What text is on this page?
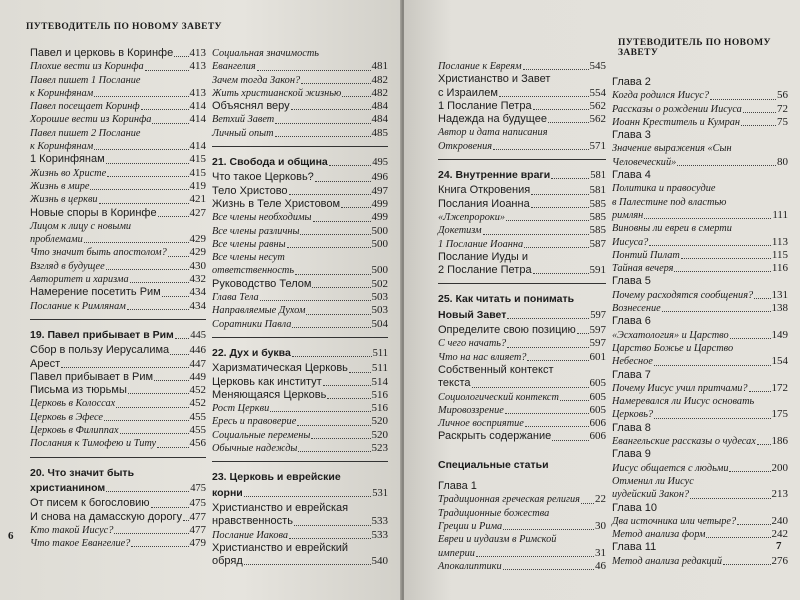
ПУТЕВОДИТЕЛЬ ПО НОВОМУ ЗАВЕТУ
Павел и церковь в Коринфе 413
Плохие вести из Коринфа	413
Павел пишет 1 Послание
к Коринфянам	413
Павел посещает Коринф	414
Хорошие вести из Коринфа	414
Павел пишет 2 Послание
к Коринфянам	414
1 Коринфянам	415
Жизнь во Христе	415
Жизнь в мире	419
Жизнь в церкви	421
Новые споры в Коринфе	427
Лицом к лицу с новыми
проблемами	429
Что значит быть апостолом? 429
Взгляд в будущее	430
Авторитет и харизма	432
Намерение посетить Рим	434
Послание к Римлянам	434
19. Павел прибывает в Рим 445
Сбор в пользу Иерусалима 446
Арест	447
Павел прибывает в Рим	449
Письма из тюрьмы	452
Церковь в Колоссах	452
Церковь в Эфесе	455
Церковь в Филиппах	455
Послания к Тимофею и Титу	456
20. Что значит быть
христианином	475
От писем к богословию	475
И снова на дамасскую дорогу 477
Кто такой Иисус?	477
Что такое Евангелие?	479
Социальная значимость
Евангелия	481
Зачем тогда Закон?	482
Жить христианской жизнью	482
Объяснял веру	484
Ветхий Завет	484
Личный опыт	485
21. Свобода и община	495
Что такое Церковь?	496
Тело Христово	497
Жизнь в Теле Христовом	499
Все члены необходимы	499
Все члены различны	500
Все члены равны	500
Все члены несут
ответственность	500
Руководство Телом	502
Глава Тела	503
Направляемые Духом	503
Соратники Павла	504
22. Дух и буква	511
Харизматическая Церковь 511
Церковь как институт	514
Меняющаяся Церковь	516
Рост Церкви	516
Ересь и правоверие	520
Социальные перемены	520
Обычные надежды	523
23. Церковь и еврейские
корни	531
Христианство и еврейская
нравственность	533
Послание Иакова	533
Христианство и еврейский
обряд	540
6
ПУТЕВОДИТЕЛЬ ПО НОВОМУ ЗАВЕТУ
Послание к Евреям	545
Христианство и Завет
с Израилем	554
1 Послание Петра	562
Надежда на будущее	562
Автор и дата написания
Откровения	571
24. Внутренние враги	581
Книга Откровения	581
Послания Иоанна	585
«Лжепророки»	585
Докетизм	585
1 Послание Иоанна	587
Послание Иуды и
2 Послание Петра	591
25. Как читать и понимать
Новый Завет	597
Определите свою позицию 597
С чего начать?	597
Что на нас влияет?	601
Собственный контекст
текста	605
Социологический контекст	605
Мировоззрение	605
Личное восприятие	606
Раскрыть содержание	606
Специальные статьи
Глава 1
Традиционная греческая религия 22
Традиционные божества
Греции и Рима	30
Евреи и иудаизм в Римской
империи	31
Апокалиптики	46
Глава 2
Когда родился Иисус?	56
Рассказы о рождении Иисуса	72
Иоанн Креститель и Кумран	75
Глава 3
Значение выражения «Сын
Человеческий»	80
Глава 4
Политика и правосудие
в Палестине под властью
римлян	111
Виновны ли евреи в смерти
Иисуса?	113
Понтий Пилат	115
Тайная вечеря	116
Глава 5
Почему расходятся сообщения? 131
Вознесение	138
Глава 6
«Эсхатология» и Царство	149
Царство Божье и Царство
Небесное	154
Глава 7
Почему Иисус учил притчами? 172
Намеревался ли Иисус основать
Церковь?	175
Глава 8
Евангельские рассказы о чудесах 186
Глава 9
Иисус общается с людьми	200
Отменил ли Иисус
иудейский Закон?	213
Глава 10
Два источника или четыре?	240
Метод анализа форм	242
Глава 11
Метод анализа редакций	276
7
